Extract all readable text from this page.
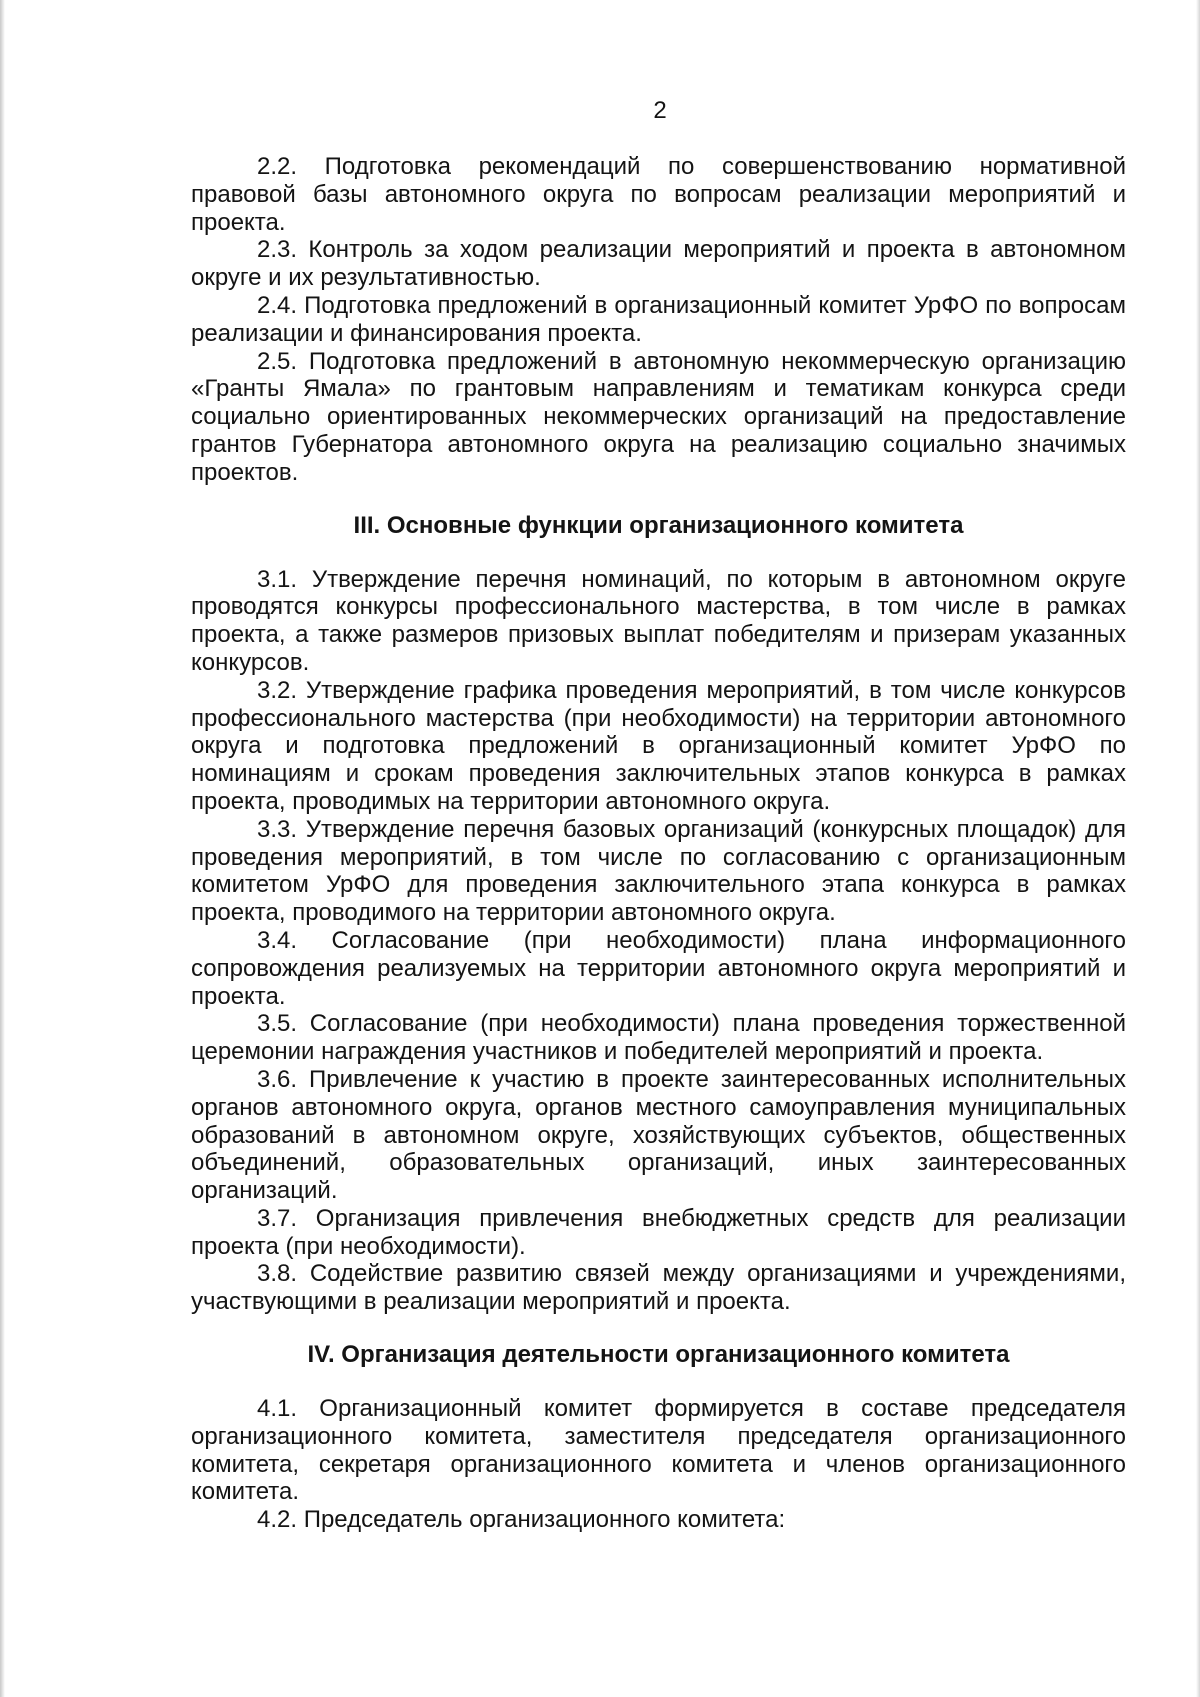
2

2.2. Подготовка рекомендаций по совершенствованию нормативной правовой базы автономного округа по вопросам реализации мероприятий и проекта.

2.3. Контроль за ходом реализации мероприятий и проекта в автономном округе и их результативностью.

2.4. Подготовка предложений в организационный комитет УрФО по вопросам реализации и финансирования проекта.

2.5. Подготовка предложений в автономную некоммерческую организацию «Гранты Ямала» по грантовым направлениям и тематикам конкурса среди социально ориентированных некоммерческих организаций на предоставление грантов Губернатора автономного округа на реализацию социально значимых проектов.

III. Основные функции организационного комитета

3.1. Утверждение перечня номинаций, по которым в автономном округе проводятся конкурсы профессионального мастерства, в том числе в рамках проекта, а также размеров призовых выплат победителям и призерам указанных конкурсов.

3.2. Утверждение графика проведения мероприятий, в том числе конкурсов профессионального мастерства (при необходимости) на территории автономного округа и подготовка предложений в организационный комитет УрФО по номинациям и срокам проведения заключительных этапов конкурса в рамках проекта, проводимых на территории автономного округа.

3.3. Утверждение перечня базовых организаций (конкурсных площадок) для проведения мероприятий, в том числе по согласованию с организационным комитетом УрФО для проведения заключительного этапа конкурса в рамках проекта, проводимого на территории автономного округа.

3.4. Согласование (при необходимости) плана информационного сопровождения реализуемых на территории автономного округа мероприятий и проекта.

3.5. Согласование (при необходимости) плана проведения торжественной церемонии награждения участников и победителей мероприятий и проекта.

3.6. Привлечение к участию в проекте заинтересованных исполнительных органов автономного округа, органов местного самоуправления муниципальных образований в автономном округе, хозяйствующих субъектов, общественных объединений, образовательных организаций, иных заинтересованных организаций.

3.7. Организация привлечения внебюджетных средств для реализации проекта (при необходимости).

3.8. Содействие развитию связей между организациями и учреждениями, участвующими в реализации мероприятий и проекта.

IV. Организация деятельности организационного комитета

4.1. Организационный комитет формируется в составе председателя организационного комитета, заместителя председателя организационного комитета, секретаря организационного комитета и членов организационного комитета.

4.2. Председатель организационного комитета:
